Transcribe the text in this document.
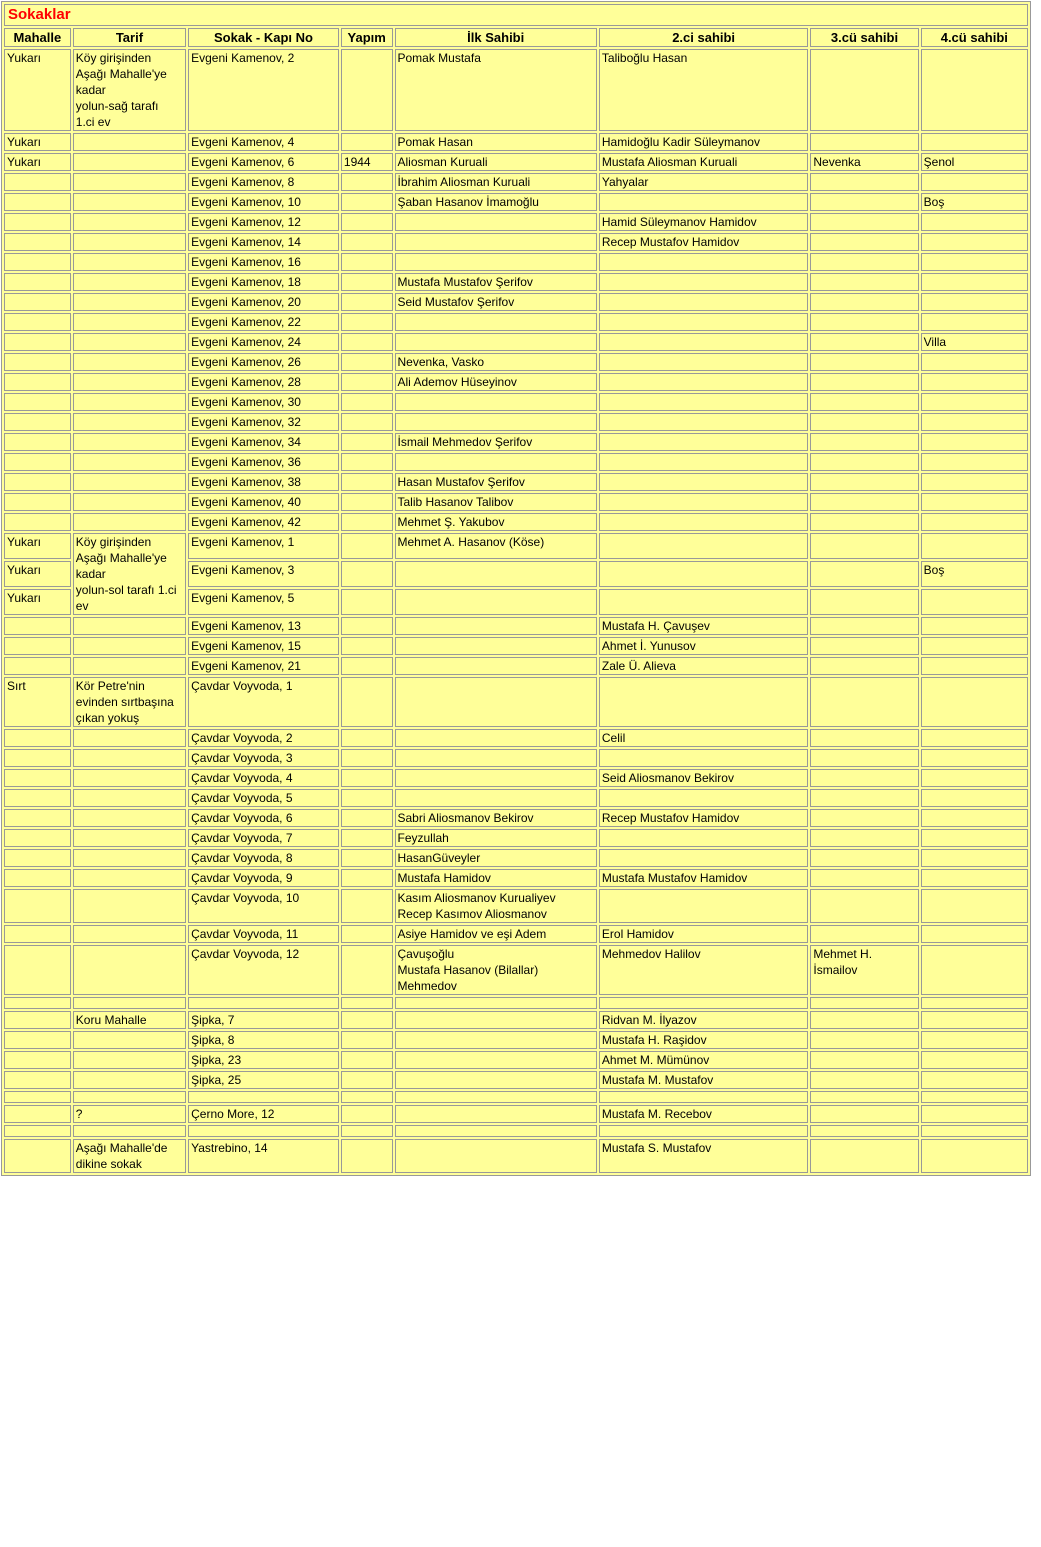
Sokaklar							
Mahalle	Tarif	Sokak - Kapı No	Yapım	İlk Sahibi	2.ci sahibi	3.cü sahibi	4.cü sahibi
Yukarı	Köy girişinden
Aşağı Mahalle'ye
kadar
yolun-sağ tarafı
1.ci ev	Evgeni Kamenov, 2		Pomak Mustafa	Taliboğlu Hasan		
Yukarı		Evgeni Kamenov, 4		Pomak Hasan	Hamidoğlu Kadir Süleymanov		
Yukarı		Evgeni Kamenov, 6	1944	Aliosman Kuruali	Mustafa Aliosman Kuruali	Nevenka	Şenol
		Evgeni Kamenov, 8		İbrahim Aliosman Kuruali	Yahyalar		
		Evgeni Kamenov, 10		Şaban Hasanov İmamoğlu			Boş
		Evgeni Kamenov, 12			Hamid Süleymanov Hamidov		
		Evgeni Kamenov, 14			Recep Mustafov Hamidov		
		Evgeni Kamenov, 16					
		Evgeni Kamenov, 18		Mustafa Mustafov Şerifov			
		Evgeni Kamenov, 20		Seid Mustafov Şerifov			
		Evgeni Kamenov, 22					
		Evgeni Kamenov, 24					Villa
		Evgeni Kamenov, 26		Nevenka, Vasko			
		Evgeni Kamenov, 28		Ali Ademov Hüseyinov			
		Evgeni Kamenov, 30					
		Evgeni Kamenov, 32					
		Evgeni Kamenov, 34		İsmail Mehmedov Şerifov			
		Evgeni Kamenov, 36					
		Evgeni Kamenov, 38		Hasan Mustafov Şerifov			
		Evgeni Kamenov, 40		Talib Hasanov Talibov			
		Evgeni Kamenov, 42		Mehmet Ş. Yakubov			
Yukarı	Köy girişinden
Aşağı Mahalle'ye
kadar
yolun-sol tarafı 1.ci
ev	Evgeni Kamenov, 1		Mehmet A. Hasanov (Köse)			
Yukarı		Evgeni Kamenov, 3					Boş
Yukarı		Evgeni Kamenov, 5					
		Evgeni Kamenov, 13			Mustafa H. Çavuşev		
		Evgeni Kamenov, 15			Ahmet İ. Yunusov		
		Evgeni Kamenov, 21			Zale Ü. Alieva		
Sırt	Kör Petre'nin
evinden sırtbaşına
çıkan yokuş	Çavdar Voyvoda, 1					
		Çavdar Voyvoda, 2			Celil		
		Çavdar Voyvoda, 3					
		Çavdar Voyvoda, 4			Seid Aliosmanov Bekirov		
		Çavdar Voyvoda, 5					
		Çavdar Voyvoda, 6		Sabri Aliosmanov Bekirov	Recep Mustafov Hamidov		
		Çavdar Voyvoda, 7		Feyzullah			
		Çavdar Voyvoda, 8		HasanGüveyler			
		Çavdar Voyvoda, 9		Mustafa Hamidov	Mustafa Mustafov Hamidov		
		Çavdar Voyvoda, 10		Kasım Aliosmanov Kurualiyev
Recep Kasımov Aliosmanov			
		Çavdar Voyvoda, 11		Asiye Hamidov ve eşi Adem	Erol Hamidov		
		Çavdar Voyvoda, 12		Çavuşoğlu
Mustafa Hasanov (Bilallar)
Mehmedov	Mehmedov Halilov	Mehmet H.
İsmailov	

	Koru Mahalle	Şipka, 7			Ridvan M. İlyazov		
		Şipka, 8			Mustafa H. Raşidov		
		Şipka, 23			Ahmet M. Mümünov		
		Şipka, 25			Mustafa M. Mustafov		

	?	Çerno More, 12			Mustafa M. Recebov		

	Aşağı Mahalle'de
dikine sokak	Yastrebino, 14			Mustafa S. Mustafov		
